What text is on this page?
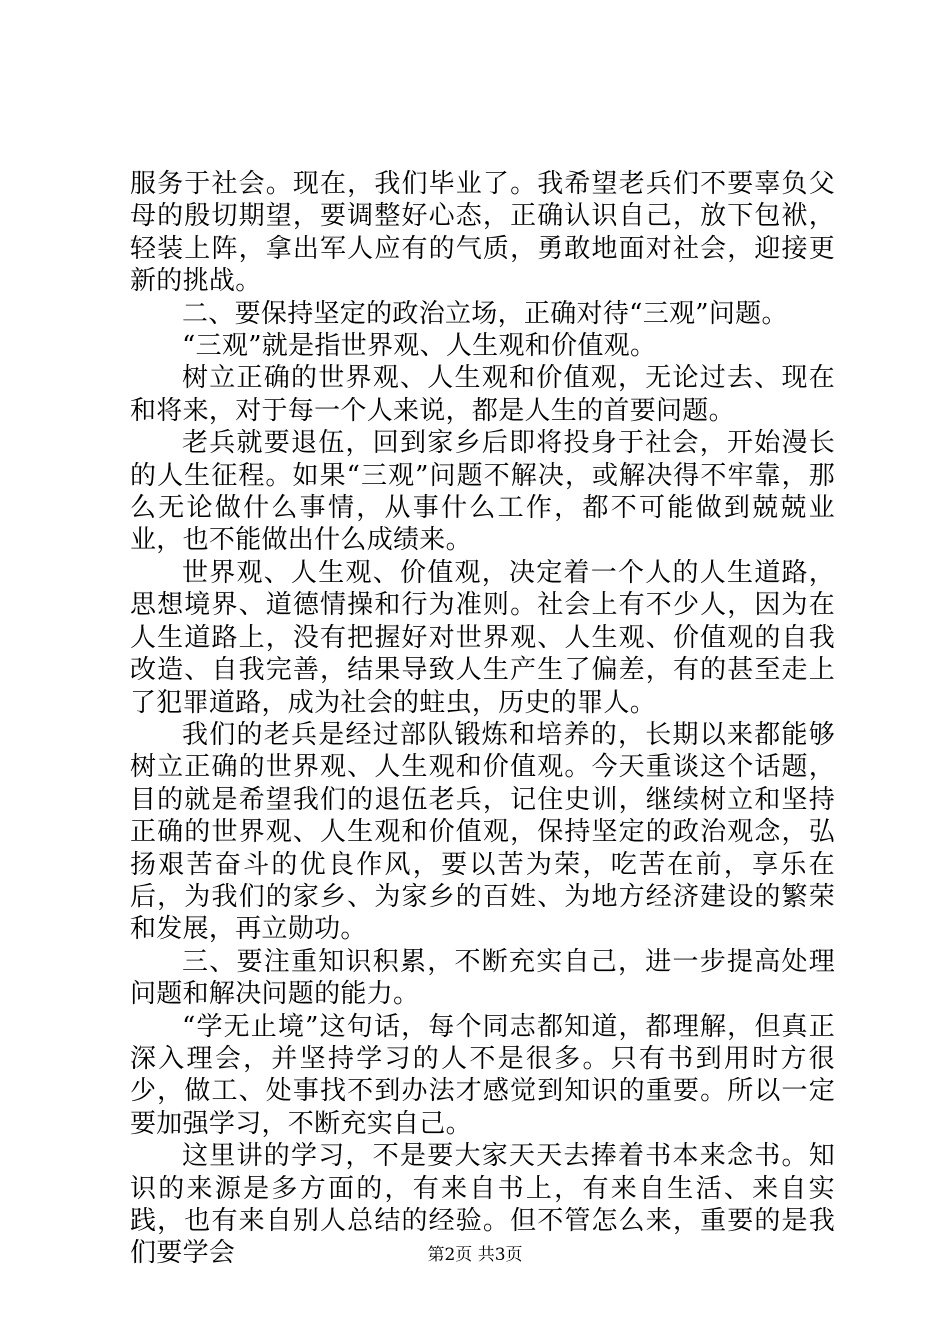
服务于社会。现在，我们毕业了。我希望老兵们不要辜负父母的殷切期望，要调整好心态，正确认识自己，放下包袱，轻装上阵，拿出军人应有的气质，勇敢地面对社会，迎接更新的挑战。

二、要保持坚定的政治立场，正确对待“三观”问题。

“三观”就是指世界观、人生观和价值观。

树立正确的世界观、人生观和价值观，无论过去、现在和将来，对于每一个人来说，都是人生的首要问题。

老兵就要退伍，回到家乡后即将投身于社会，开始漫长的人生征程。如果“三观”问题不解决，或解决得不牢靠，那么无论做什么事情，从事什么工作，都不可能做到兢兢业业，也不能做出什么成绩来。

世界观、人生观、价值观，决定着一个人的人生道路，思想境界、道德情操和行为准则。社会上有不少人，因为在人生道路上，没有把握好对世界观、人生观、价值观的自我改造、自我完善，结果导致人生产生了偏差，有的甚至走上了犯罪道路，成为社会的蛀虫，历史的罪人。

我们的老兵是经过部队锻炼和培养的，长期以来都能够树立正确的世界观、人生观和价值观。今天重谈这个话题，目的就是希望我们的退伍老兵，记住史训，继续树立和坚持正确的世界观、人生观和价值观，保持坚定的政治观念，弘扬艰苦奋斗的优良作风，要以苦为荣，吃苦在前，享乐在后，为我们的家乡、为家乡的百姓、为地方经济建设的繁荣和发展，再立勋功。

三、要注重知识积累，不断充实自己，进一步提高处理问题和解决问题的能力。

“学无止境”这句话，每个同志都知道，都理解，但真正深入理会，并坚持学习的人不是很多。只有书到用时方很少，做工、处事找不到办法才感觉到知识的重要。所以一定要加强学习，不断充实自己。

这里讲的学习，不是要大家天天去捧着书本来念书。知识的来源是多方面的，有来自书上，有来自生活、来自实践，也有来自别人总结的经验。但不管怎么来，重要的是我们要学会	第2页 共3页
